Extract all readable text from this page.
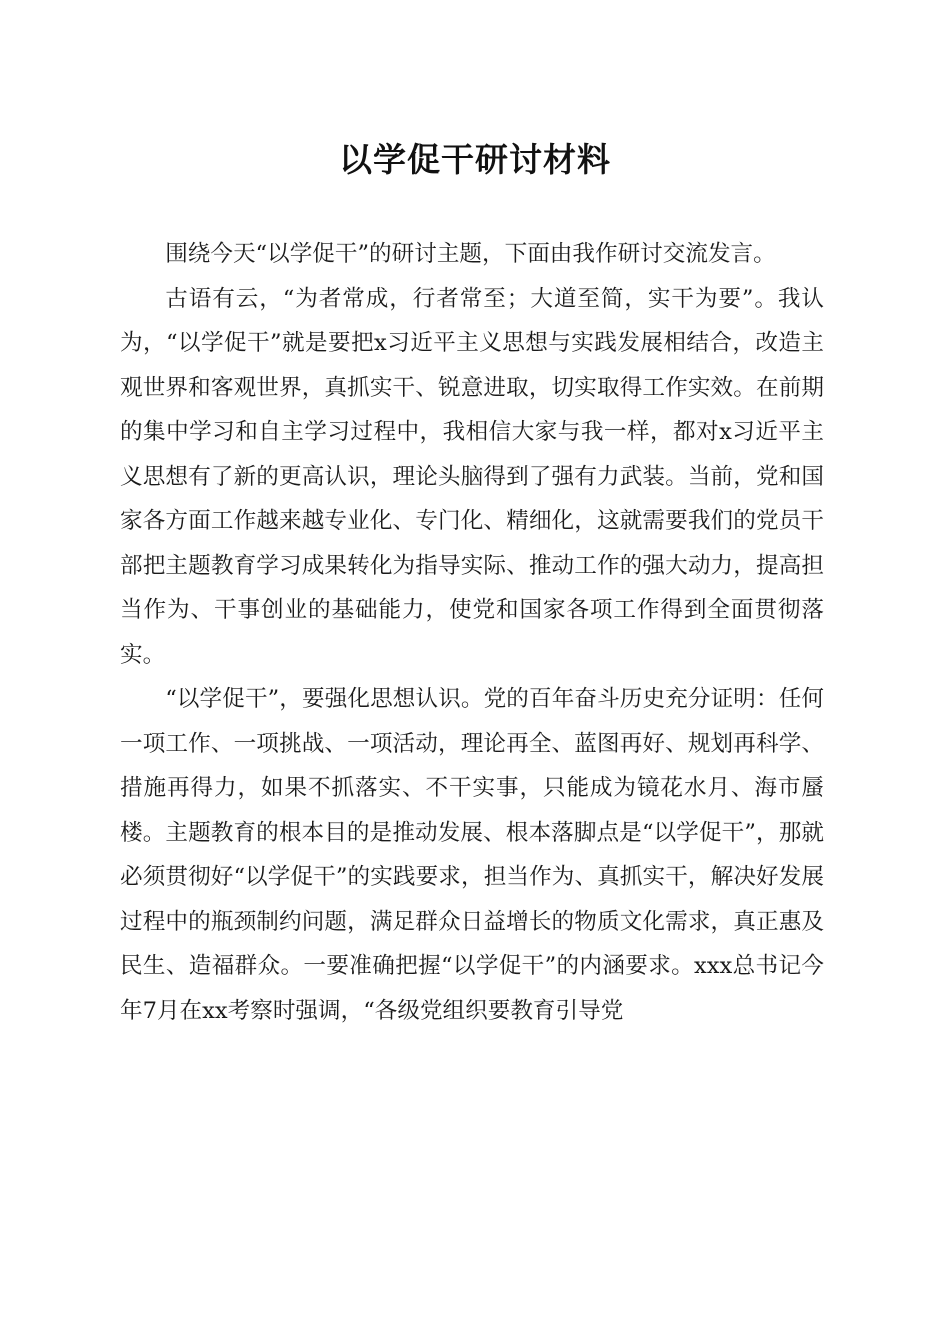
以学促干研讨材料

围绕今天“以学促干”的研讨主题，下面由我作研讨交流发言。

古语有云，“为者常成，行者常至；大道至简，实干为要”。我认为，“以学促干”就是要把x习近平主义思想与实践发展相结合，改造主观世界和客观世界，真抓实干、锐意进取，切实取得工作实效。在前期的集中学习和自主学习过程中，我相信大家与我一样，都对x习近平主义思想有了新的更高认识，理论头脑得到了强有力武装。当前，党和国家各方面工作越来越专业化、专门化、精细化，这就需要我们的党员干部把主题教育学习成果转化为指导实际、推动工作的强大动力，提高担当作为、干事创业的基础能力，使党和国家各项工作得到全面贯彻落实。

“以学促干”，要强化思想认识。党的百年奋斗历史充分证明：任何一项工作、一项挑战、一项活动，理论再全、蓝图再好、规划再科学、措施再得力，如果不抓落实、不干实事，只能成为镜花水月、海市蜃楼。主题教育的根本目的是推动发展、根本落脚点是“以学促干”，那就必须贯彻好“以学促干”的实践要求，担当作为、真抓实干，解决好发展过程中的瓶颈制约问题，满足群众日益增长的物质文化需求，真正惠及民生、造福群众。一要准确把握“以学促干”的内涵要求。xxx总书记今年7月在xx考察时强调，“各级党组织要教育引导党
